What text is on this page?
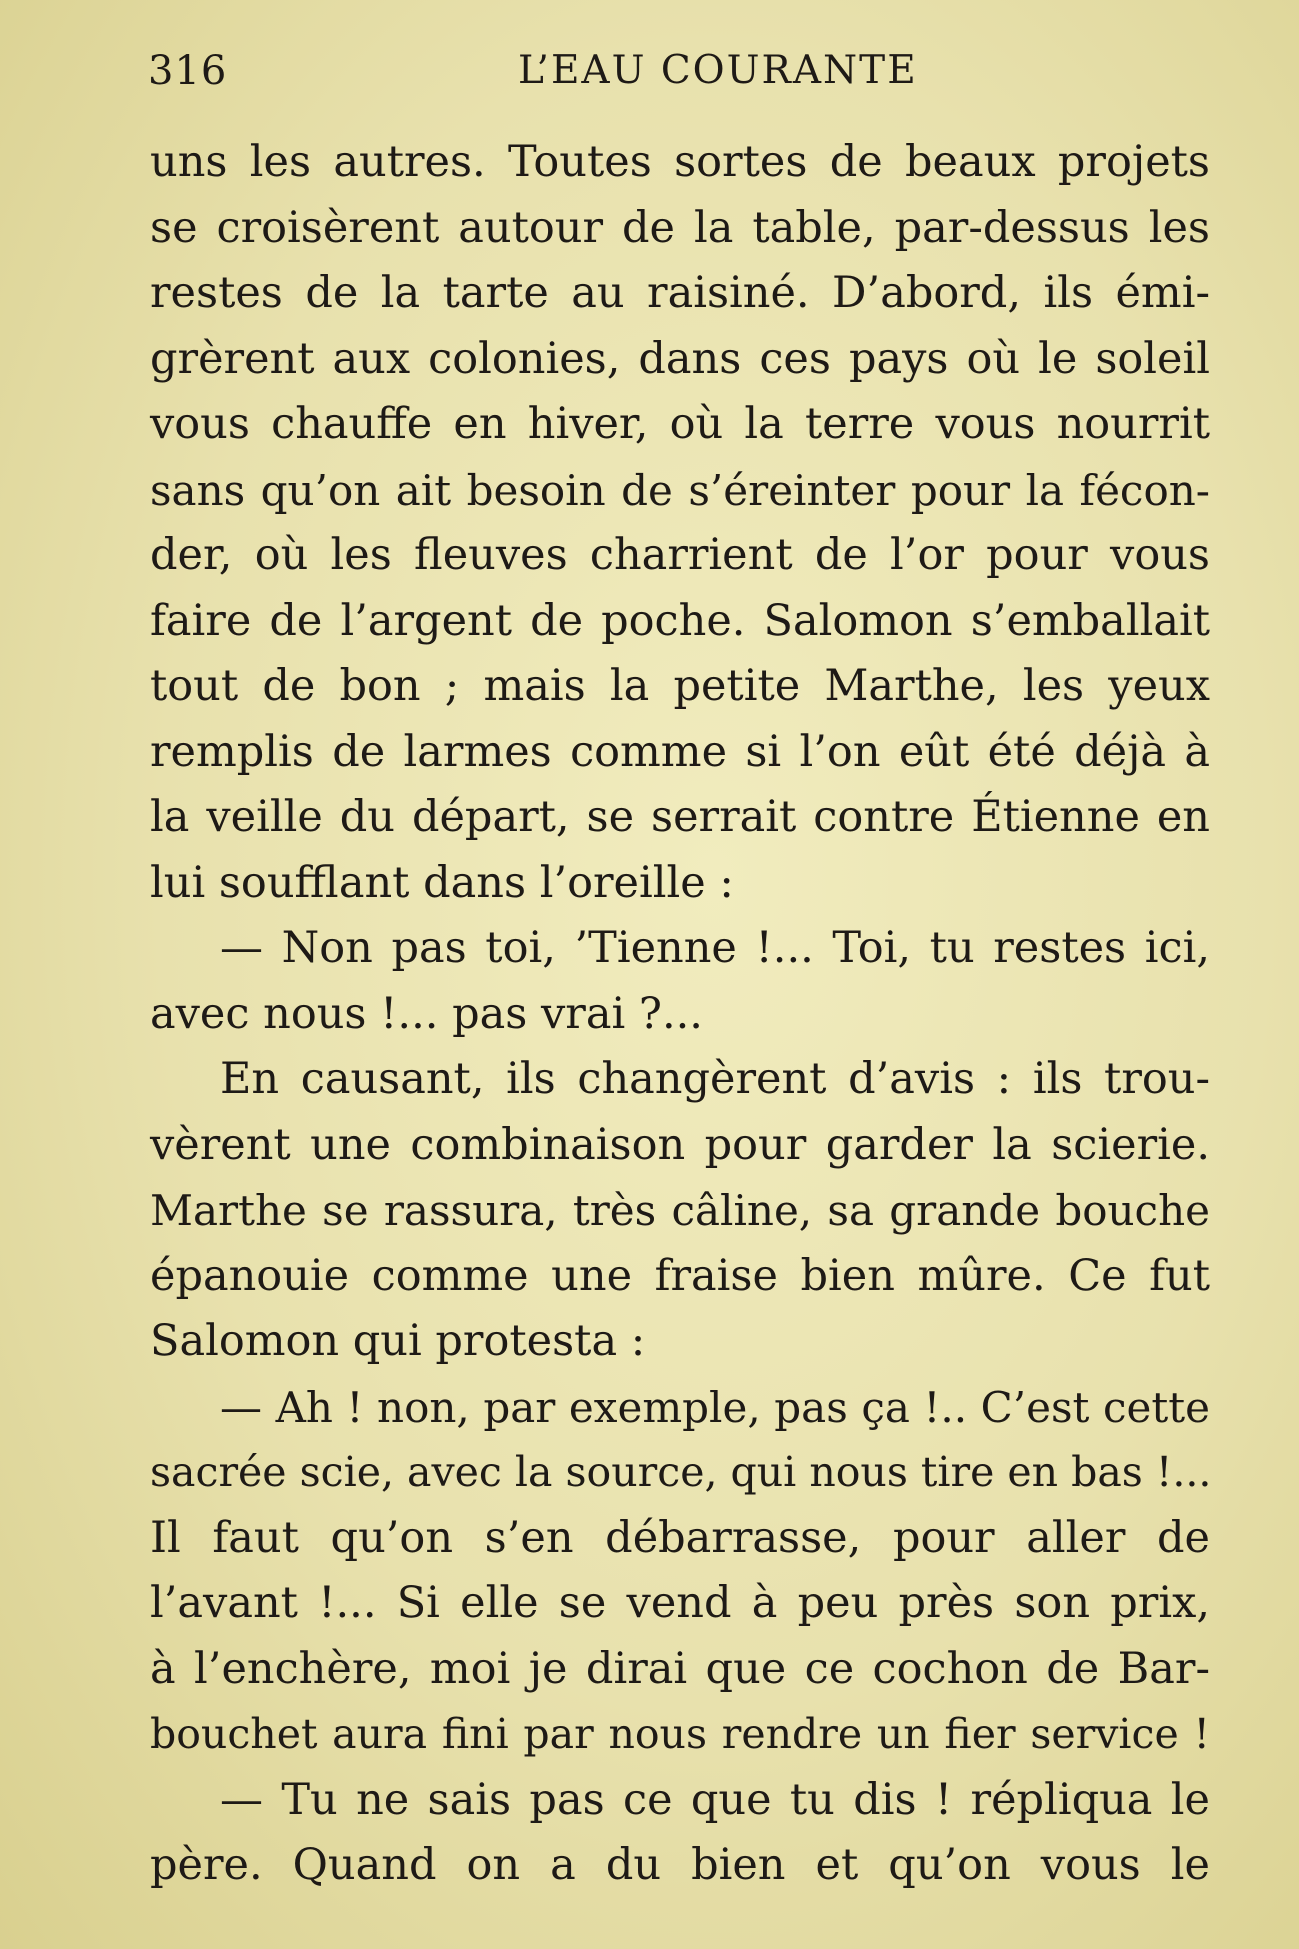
316	L’EAU COURANTE
uns les autres. Toutes sortes de beaux projets
se croisèrent autour de la table, par-dessus les
restes de la tarte au raisiné. D’abord, ils émi-
grèrent aux colonies, dans ces pays où le soleil
vous chauffe en hiver, où la terre vous nourrit
sans qu’on ait besoin de s’éreinter pour la fécon-
der, où les fleuves charrient de l’or pour vous
faire de l’argent de poche. Salomon s’emballait
tout de bon ; mais la petite Marthe, les yeux
remplis de larmes comme si l’on eût été déjà à
la veille du départ, se serrait contre Étienne en
lui soufflant dans l’oreille :
— Non pas toi, ’Tienne !... Toi, tu restes ici,
avec nous !... pas vrai ?...
En causant, ils changèrent d’avis : ils trou-
vèrent une combinaison pour garder la scierie.
Marthe se rassura, très câline, sa grande bouche
épanouie comme une fraise bien mûre. Ce fut
Salomon qui protesta :
— Ah ! non, par exemple, pas ça !.. C’est cette
sacrée scie, avec la source, qui nous tire en bas !...
Il faut qu’on s’en débarrasse, pour aller de
l’avant !... Si elle se vend à peu près son prix,
à l’enchère, moi je dirai que ce cochon de Bar-
bouchet aura fini par nous rendre un fier service !
— Tu ne sais pas ce que tu dis ! répliqua le
père. Quand on a du bien et qu’on vous le
